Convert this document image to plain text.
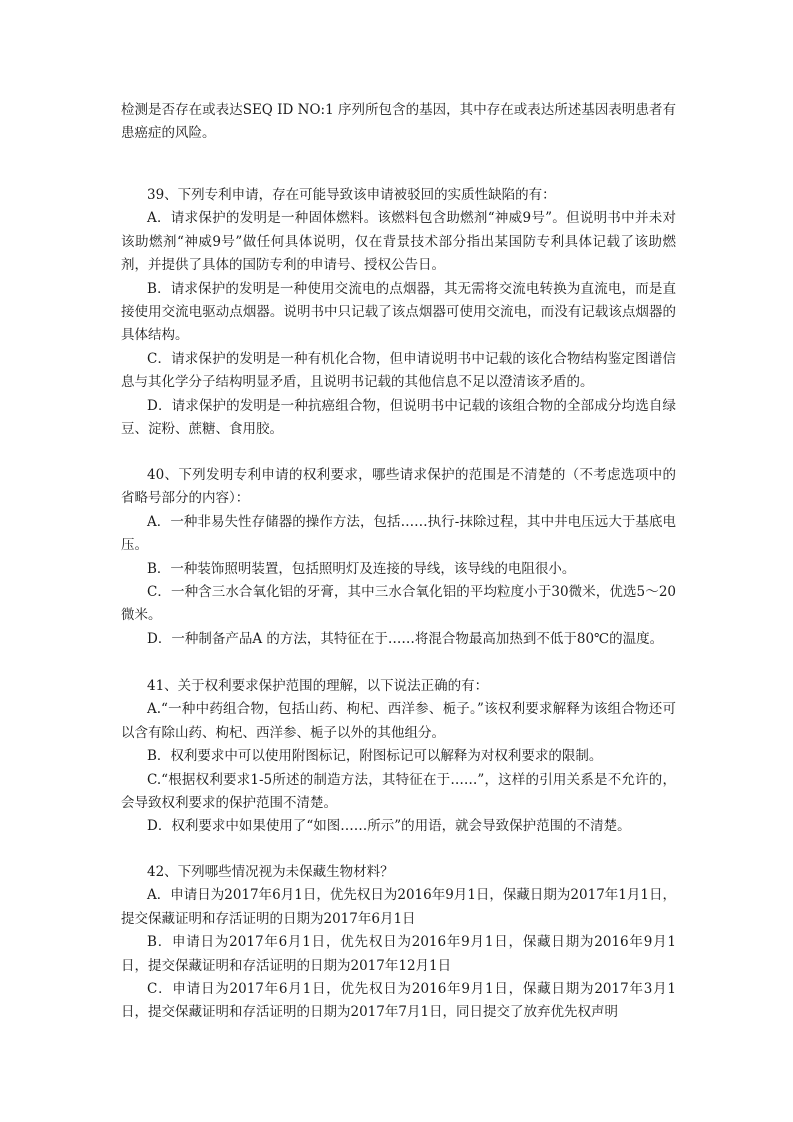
检测是否存在或表达SEQ ID NO:1 序列所包含的基因，其中存在或表达所述基因表明患者有患癌症的风险。

39、下列专利申请，存在可能导致该申请被驳回的实质性缺陷的有：

A．请求保护的发明是一种固体燃料。该燃料包含助燃剂“神威9号”。但说明书中并未对该助燃剂“神威9号”做任何具体说明，仅在背景技术部分指出某国防专利具体记载了该助燃剂，并提供了具体的国防专利的申请号、授权公告日。

B．请求保护的发明是一种使用交流电的点烟器，其无需将交流电转换为直流电，而是直接使用交流电驱动点烟器。说明书中只记载了该点烟器可使用交流电，而没有记载该点烟器的具体结构。

C．请求保护的发明是一种有机化合物，但申请说明书中记载的该化合物结构鉴定图谱信息与其化学分子结构明显矛盾，且说明书记载的其他信息不足以澄清该矛盾的。

D．请求保护的发明是一种抗癌组合物，但说明书中记载的该组合物的全部成分均选自绿豆、淀粉、蔗糖、食用胶。

40、下列发明专利申请的权利要求，哪些请求保护的范围是不清楚的（不考虑选项中的省略号部分的内容）：

A．一种非易失性存储器的操作方法，包括……执行-抹除过程，其中井电压远大于基底电压。

B．一种装饰照明装置，包括照明灯及连接的导线，该导线的电阻很小。

C．一种含三水合氧化铝的牙膏，其中三水合氧化铝的平均粒度小于30微米，优选5～20微米。

D．一种制备产品A 的方法，其特征在于……将混合物最高加热到不低于80℃的温度。

41、关于权利要求保护范围的理解，以下说法正确的有：

A.“一种中药组合物，包括山药、枸杞、西洋参、栀子。”该权利要求解释为该组合物还可以含有除山药、枸杞、西洋参、栀子以外的其他组分。

B．权利要求中可以使用附图标记，附图标记可以解释为对权利要求的限制。

C.“根据权利要求1-5所述的制造方法，其特征在于……”，这样的引用关系是不允许的，会导致权利要求的保护范围不清楚。

D．权利要求中如果使用了“如图……所示”的用语，就会导致保护范围的不清楚。

42、下列哪些情况视为未保藏生物材料？

A．申请日为2017年6月1日，优先权日为2016年9月1日，保藏日期为2017年1月1日，提交保藏证明和存活证明的日期为2017年6月1日

B．申请日为2017年6月1日，优先权日为2016年9月1日，保藏日期为2016年9月1日，提交保藏证明和存活证明的日期为2017年12月1日

C．申请日为2017年6月1日，优先权日为2016年9月1日，保藏日期为2017年3月1日，提交保藏证明和存活证明的日期为2017年7月1日，同日提交了放弃优先权声明
